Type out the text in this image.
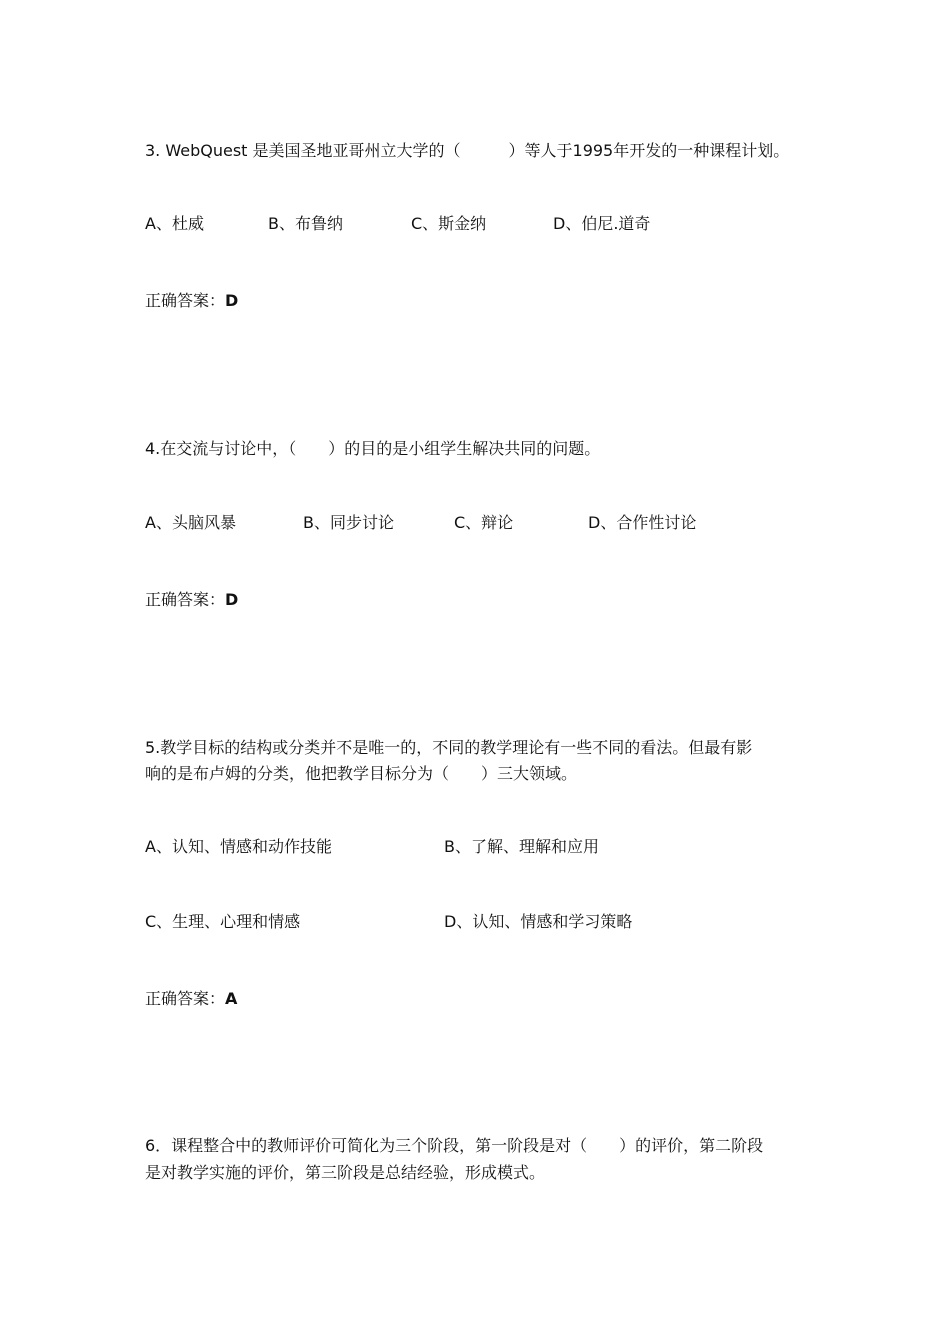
3. WebQuest 是美国圣地亚哥州立大学的（　　　）等人于1995年开发的一种课程计划。
A、杜威	B、布鲁纳	C、斯金纳	D、伯尼.道奇
正确答案：D
4.在交流与讨论中，（　　）的目的是小组学生解决共同的问题。
A、头脑风暴	B、同步讨论	C、辩论	D、合作性讨论
正确答案：D
5.教学目标的结构或分类并不是唯一的，不同的教学理论有一些不同的看法。但最有影
响的是布卢姆的分类，他把教学目标分为（　　）三大领域。
A、认知、情感和动作技能	B、了解、理解和应用
C、生理、心理和情感	D、认知、情感和学习策略
正确答案：A
6．课程整合中的教师评价可简化为三个阶段，第一阶段是对（　　）的评价，第二阶段
是对教学实施的评价，第三阶段是总结经验，形成模式。
